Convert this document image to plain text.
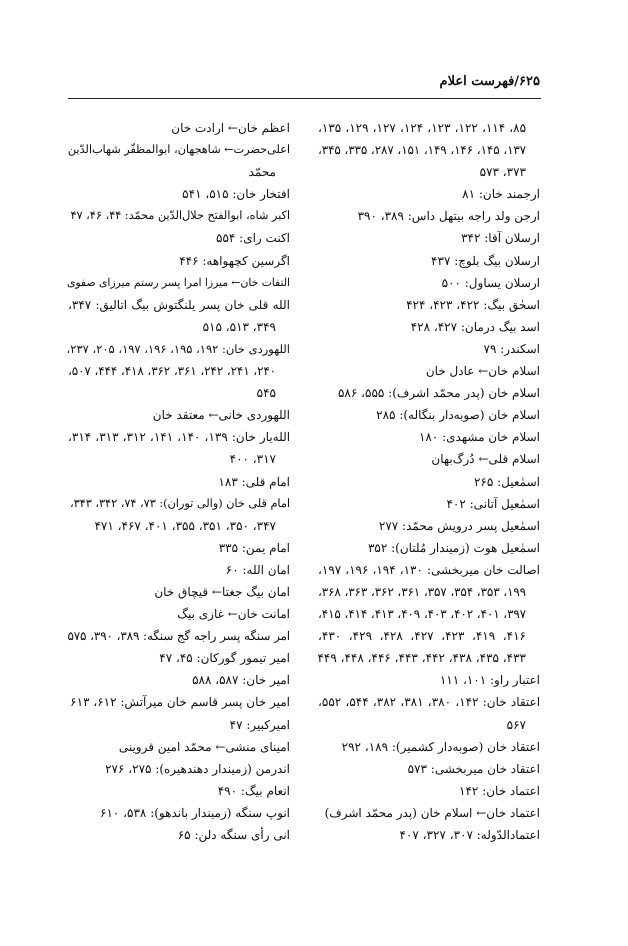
۶۲۵/فهرست اعلام
۸۵، ۱۱۴، ۱۲۲، ۱۲۳، ۱۲۴، ۱۲۷، ۱۲۹، ۱۳۵،
۱۳۷، ۱۴۵، ۱۴۶، ۱۴۹، ۱۵۱، ۲۸۷، ۳۳۵، ۳۴۵،
۳۷۳، ۵۷۳
ارجمند خان: ۸۱
ارجن ولد راجه بیتهل داس: ۳۸۹، ۳۹۰
ارسلان آقا: ۳۴۲
ارسلان بیگ بلوچ: ۴۳۷
ارسلان یساول: ۵۰۰
اسحٰق بیگ: ۴۲۲، ۴۲۳، ۴۲۴
اسد بیگ درمان: ۴۲۷، ۴۲۸
اسکندر: ۷۹
اسلام خان← عادل خان
اسلام خان (پدر محمّد اشرف): ۵۵۵، ۵۸۶
اسلام خان (صوبه‌دار بنگاله): ۲۸۵
اسلام خان مشهدی: ۱۸۰
اسلام قلی← دُرگ‌بهان
اسمٰعیل: ۲۶۵
اسمٰعیل آتانی: ۴۰۲
اسمٰعیل پسر درویش محمّد: ۲۷۷
اسمٰعیل هوت (زمیندار مُلتان): ۳۵۲
اصالت خان میربخشی: ۱۳۰، ۱۹۴، ۱۹۶، ۱۹۷،
۱۹۹، ۳۵۳، ۳۵۴، ۳۵۷، ۳۶۱، ۳۶۲، ۳۶۳، ۳۶۸،
۳۹۷، ۴۰۱، ۴۰۲، ۴۰۳، ۴۰۹، ۴۱۳، ۴۱۴، ۴۱۵،
۴۱۶، ۴۱۹، ۴۲۳، ۴۲۷، ۴۲۸، ۴۲۹، ۴۳۰،
۴۳۳، ۴۳۵، ۴۳۸، ۴۴۲، ۴۴۳، ۴۴۶، ۴۴۸، ۴۴۹
اعتبار راو: ۱۰۱، ۱۱۱
اعتقاد خان: ۱۴۲، ۳۸۰، ۳۸۱، ۳۸۲، ۵۴۴، ۵۵۲،
۵۶۷
اعتقاد خان (صوبه‌دار کشمیر): ۱۸۹، ۲۹۲
اعتقاد خان میربخشی: ۵۷۳
اعتماد خان: ۱۴۲
اعتماد خان← اسلام خان (پدر محمّد اشرف)
اعتمادالدّوله: ۳۰۷، ۳۲۷، ۴۰۷
اعظم خان← ارادت خان
اعلی‌حضرت← شاهجهان، ابوالمظفّر شهاب‌الدّین
محمّد
افتخار خان: ۵۱۵، ۵۴۱
اکبر شاه، ابوالفتح جلال‌الدّین محمّد: ۴۴، ۴۶، ۴۷
اکنت رای: ۵۵۴
اگرسین کچهواهه: ۴۴۶
التفات خان← میرزا امرا پسر رستم میرزای صفوی
الله قلی خان پسر یلنگتوش بیگ اتالیق: ۳۴۷،
۳۴۹، ۵۱۳، ۵۱۵
اللهوردی خان: ۱۹۲، ۱۹۵، ۱۹۶، ۱۹۷، ۲۰۵، ۲۳۷،
۲۴۰، ۲۴۱، ۲۴۲، ۳۶۱، ۳۶۲، ۴۱۸، ۴۴۴، ۵۰۷،
۵۴۵
اللهوردی خانی← معتقد خان
الله‌یار خان: ۱۳۹، ۱۴۰، ۱۴۱، ۳۱۲، ۳۱۳، ۳۱۴،
۳۱۷، ۴۰۰
امام قلی: ۱۸۳
امام قلی خان (والی توران): ۷۳، ۷۴، ۳۴۲، ۳۴۳،
۳۴۷، ۳۵۰، ۳۵۱، ۳۵۵، ۴۰۱، ۴۶۷، ۴۷۱
امام یمن: ۳۳۵
امان الله: ۶۰
امان بیگ جغتا← قیچاق خان
امانت خان← غازی بیگ
امر سنگه پسر راجه گج سنگه: ۳۸۹، ۳۹۰، ۵۷۵
امیر تیمور گورکان: ۴۵، ۴۷
امیر خان: ۵۸۷، ۵۸۸
امیر خان پسر قاسم خان میرآتش: ۶۱۲، ۶۱۳
امیرکبیر: ۴۷
امینای منشی← محمّد امین قروینی
اندرمن (زمیندار دهندهیره): ۲۷۵، ۲۷۶
انعام بیگ: ۴۹۰
انوپ سنگه (زمیندار باندهو): ۵۳۸، ۶۱۰
انی رأی سنگه دلن: ۶۵
